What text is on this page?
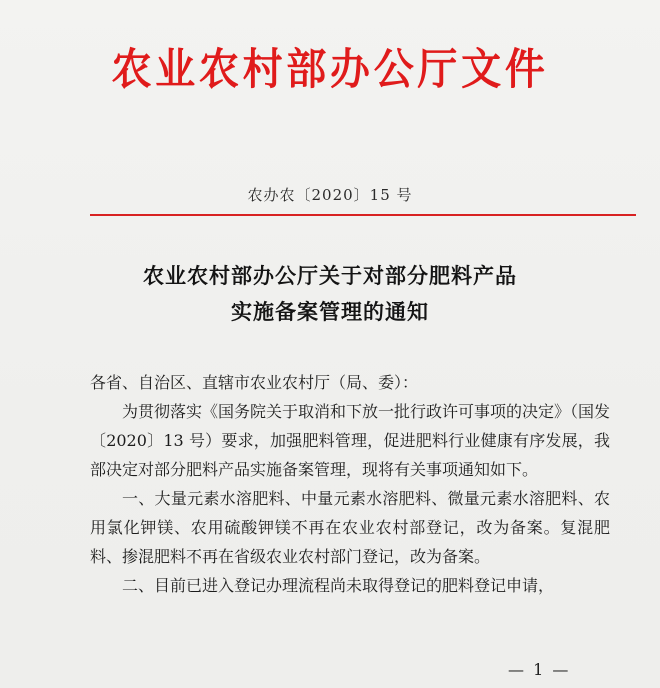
农业农村部办公厅文件
农办农〔2020〕15 号
农业农村部办公厅关于对部分肥料产品
实施备案管理的通知

各省、自治区、直辖市农业农村厅（局、委）：

为贯彻落实《国务院关于取消和下放一批行政许可事项的决定》（国发〔2020〕13 号）要求，加强肥料管理，促进肥料行业健康有序发展，我部决定对部分肥料产品实施备案管理，现将有关事项通知如下。

一、大量元素水溶肥料、中量元素水溶肥料、微量元素水溶肥料、农用氯化钾镁、农用硫酸钾镁不再在农业农村部登记，改为备案。复混肥料、掺混肥料不再在省级农业农村部门登记，改为备案。

二、目前已进入登记办理流程尚未取得登记的肥料登记申请，

— 1 —
